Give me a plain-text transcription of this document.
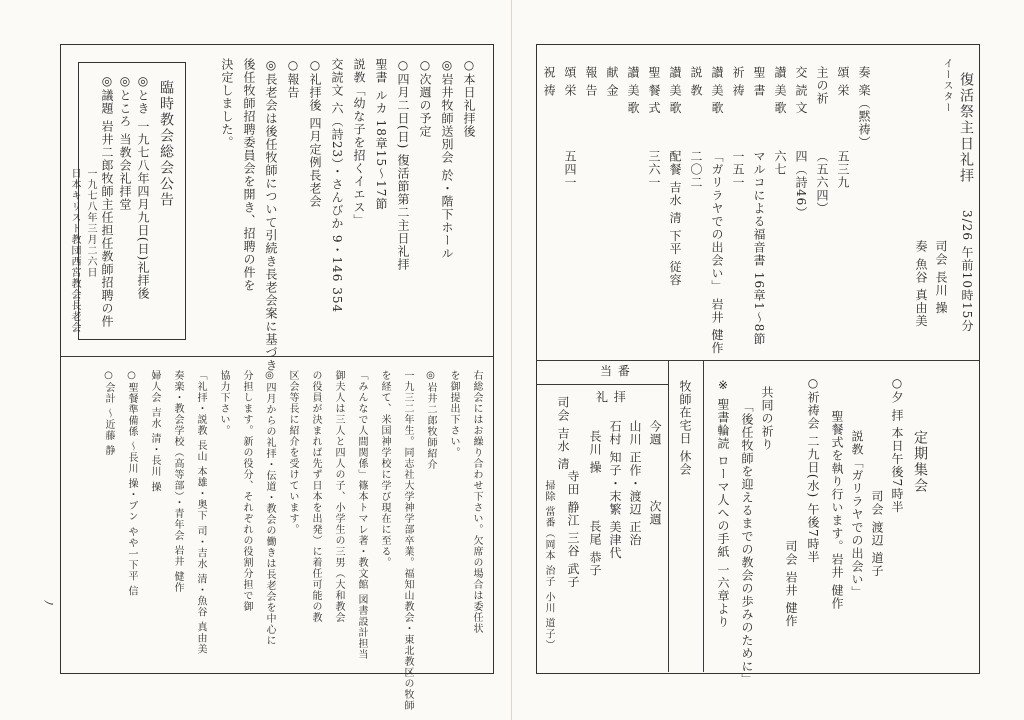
イースター 復活祭主日礼拝
3/26 午前10時15分
司会 長川 操
奏 魚谷 真由美
奏 楽（黙祷）
頌 栄
五三九
主の祈
（五六四）
交 読 文
四（詩46）
讃 美 歌
六七
聖 書
マルコによる福音書 16章1～8節
祈 祷
一五一
讃 美 歌
「ガリラヤでの出会い」 岩井 健作
説 教
二〇二
讃 美 歌
配餐 吉水 清 下平 従容
聖 餐 式
三六一
讃 美 歌
献 金
報 告
頌 栄
五四一
祝 祷
定期集会
○夕 拝 本日午後7時半
司会 渡辺 道子
説教「ガリラヤでの出会い」
聖餐式を執り行います。岩井 健作
○祈祷会 二九日(水) 午後7時半
司会 岩井 健作
共同の祈り
「後任牧師を迎えるまでの教会の歩みのために」
※ 聖書輪読 ローマ人への手紙 一六章より
牧師在宅日 休会
当 番
礼 拝
今週
山川 正作・渡辺 正治
石村 知子・末繁 美津代 次週
長川 操
長尾 恭子
司会 吉水 清
寺田 静江 三谷 武子
掃除 當番（岡本 治子 小川 道子）
臨時教会総会公告
◎とき 一九七八年四月九日(日)礼拝後
◎ところ 当教会礼拝堂
◎議題 岩井二郎牧師主任担任教師招聘の件
一九七八年三月二六日
日本キリスト教団西宮教会長老会
○本日礼拝後
◎岩井牧師送別会 於・階下ホール
○次週の予定
○四月二日(日) 復活節第二主日礼拝
聖書 ルカ 18章15～17節
説教「幼な子を招くイエス」
交読文 六（詩23）・さんびか 9・146 354
○礼拝後 四月定例長老会
○報告
◎長老会は後任牧師について引続き長老会案に基づき
後任牧師招聘委員会を開き、招聘の件を
決定しました。
右総会にはお繰り合わせ下さい。欠席の場合は委任状
を御提出下さい。
◎岩井二郎牧師紹介
一九三二年生。同志社大学神学部卒業。福知山教会・東北教区の牧師
を経て、米国神学校に学び現在に至る。
「みんなで人間関係」篠本トマレ著・教文館 図書設計担当
御夫人は三人と四人の子、小学生の三男（大和教会
の役員が決まれば先ず日本を出発）に着任可能の教
区会等長に紹介を受けています。
◎四月からの礼拝・伝道・教会の働きは長老会を中心に
分担します。新の役分、それぞれの役割分担で御
協力下さい。
「礼拝・説教 長山 本雄・奥下 司・吉水 清・魚谷 真由美
奏楽・教会学校（高等部）・青年会 岩井 健作
婦人会 吉水 清・長川 操
○聖餐準備係 ～長川 操・ブン やや一下平 信
○会計 ～近藤 静
ﾉ
